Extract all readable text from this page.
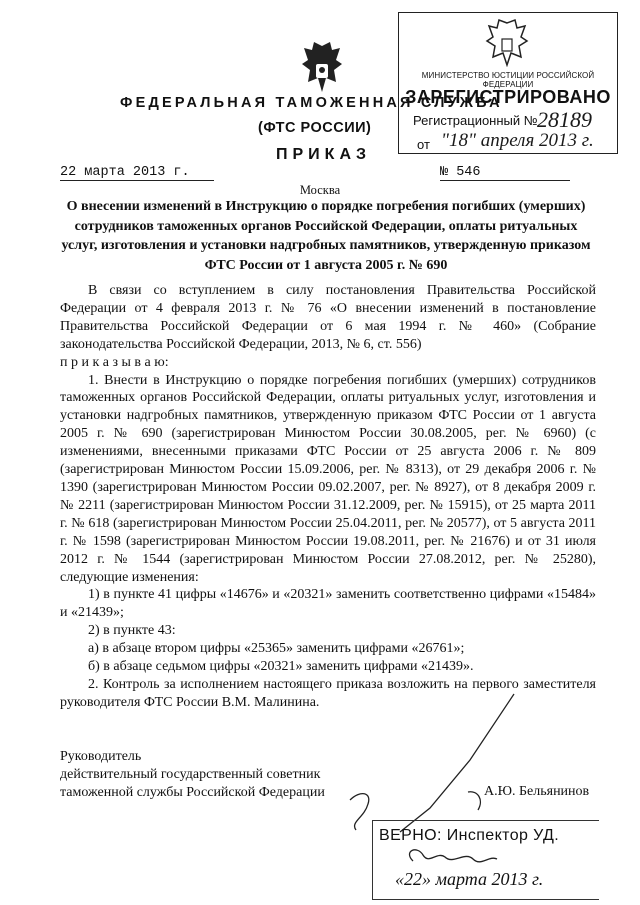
МИНИСТЕРСТВО ЮСТИЦИИ РОССИЙСКОЙ ФЕДЕРАЦИИ
ЗАРЕГИСТРИРОВАНО
Регистрационный № 28189
от "18" апреля 2013 г.
ФЕДЕРАЛЬНАЯ ТАМОЖЕННАЯ СЛУЖБА
(ФТС РОССИИ)
ПРИКАЗ
22 марта 2013 г.	№ 546
Москва
О внесении изменений в Инструкцию о порядке погребения погибших (умерших) сотрудников таможенных органов Российской Федерации, оплаты ритуальных услуг, изготовления и установки надгробных памятников, утвержденную приказом ФТС России от 1 августа 2005 г. № 690

В связи со вступлением в силу постановления Правительства Российской Федерации от 4 февраля 2013 г. № 76 «О внесении изменений в постановление Правительства Российской Федерации от 6 мая 1994 г. № 460» (Собрание законодательства Российской Федерации, 2013, № 6, ст. 556)

п р и к а з ы в а ю:

1. Внести в Инструкцию о порядке погребения погибших (умерших) сотрудников таможенных органов Российской Федерации, оплаты ритуальных услуг, изготовления и установки надгробных памятников, утвержденную приказом ФТС России от 1 августа 2005 г. № 690 (зарегистрирован Минюстом России 30.08.2005, рег. № 6960) (с изменениями, внесенными приказами ФТС России от 25 августа 2006 г. № 809 (зарегистрирован Минюстом России 15.09.2006, рег. № 8313), от 29 декабря 2006 г. № 1390 (зарегистрирован Минюстом России 09.02.2007, рег. № 8927), от 8 декабря 2009 г. № 2211 (зарегистрирован Минюстом России 31.12.2009, рег. № 15915), от 25 марта 2011 г. № 618 (зарегистрирован Минюстом России 25.04.2011, рег. № 20577), от 5 августа 2011 г. № 1598 (зарегистрирован Минюстом России 19.08.2011, рег. № 21676) и от 31 июля 2012 г. № 1544 (зарегистрирован Минюстом России 27.08.2012, рег. № 25280), следующие изменения:

1) в пункте 41 цифры «14676» и «20321» заменить соответственно цифрами «15484» и «21439»;

2) в пункте 43:

а) в абзаце втором цифры «25365» заменить цифрами «26761»;

б) в абзаце седьмом цифры «20321» заменить цифрами «21439».

2. Контроль за исполнением настоящего приказа возложить на первого заместителя руководителя ФТС России В.М. Малинина.

Руководитель
действительный государственный советник
таможенной службы Российской Федерации	А.Ю. Бельянинов
ВЕРНО: Инспектор УД.
«22» марта 2013 г.
